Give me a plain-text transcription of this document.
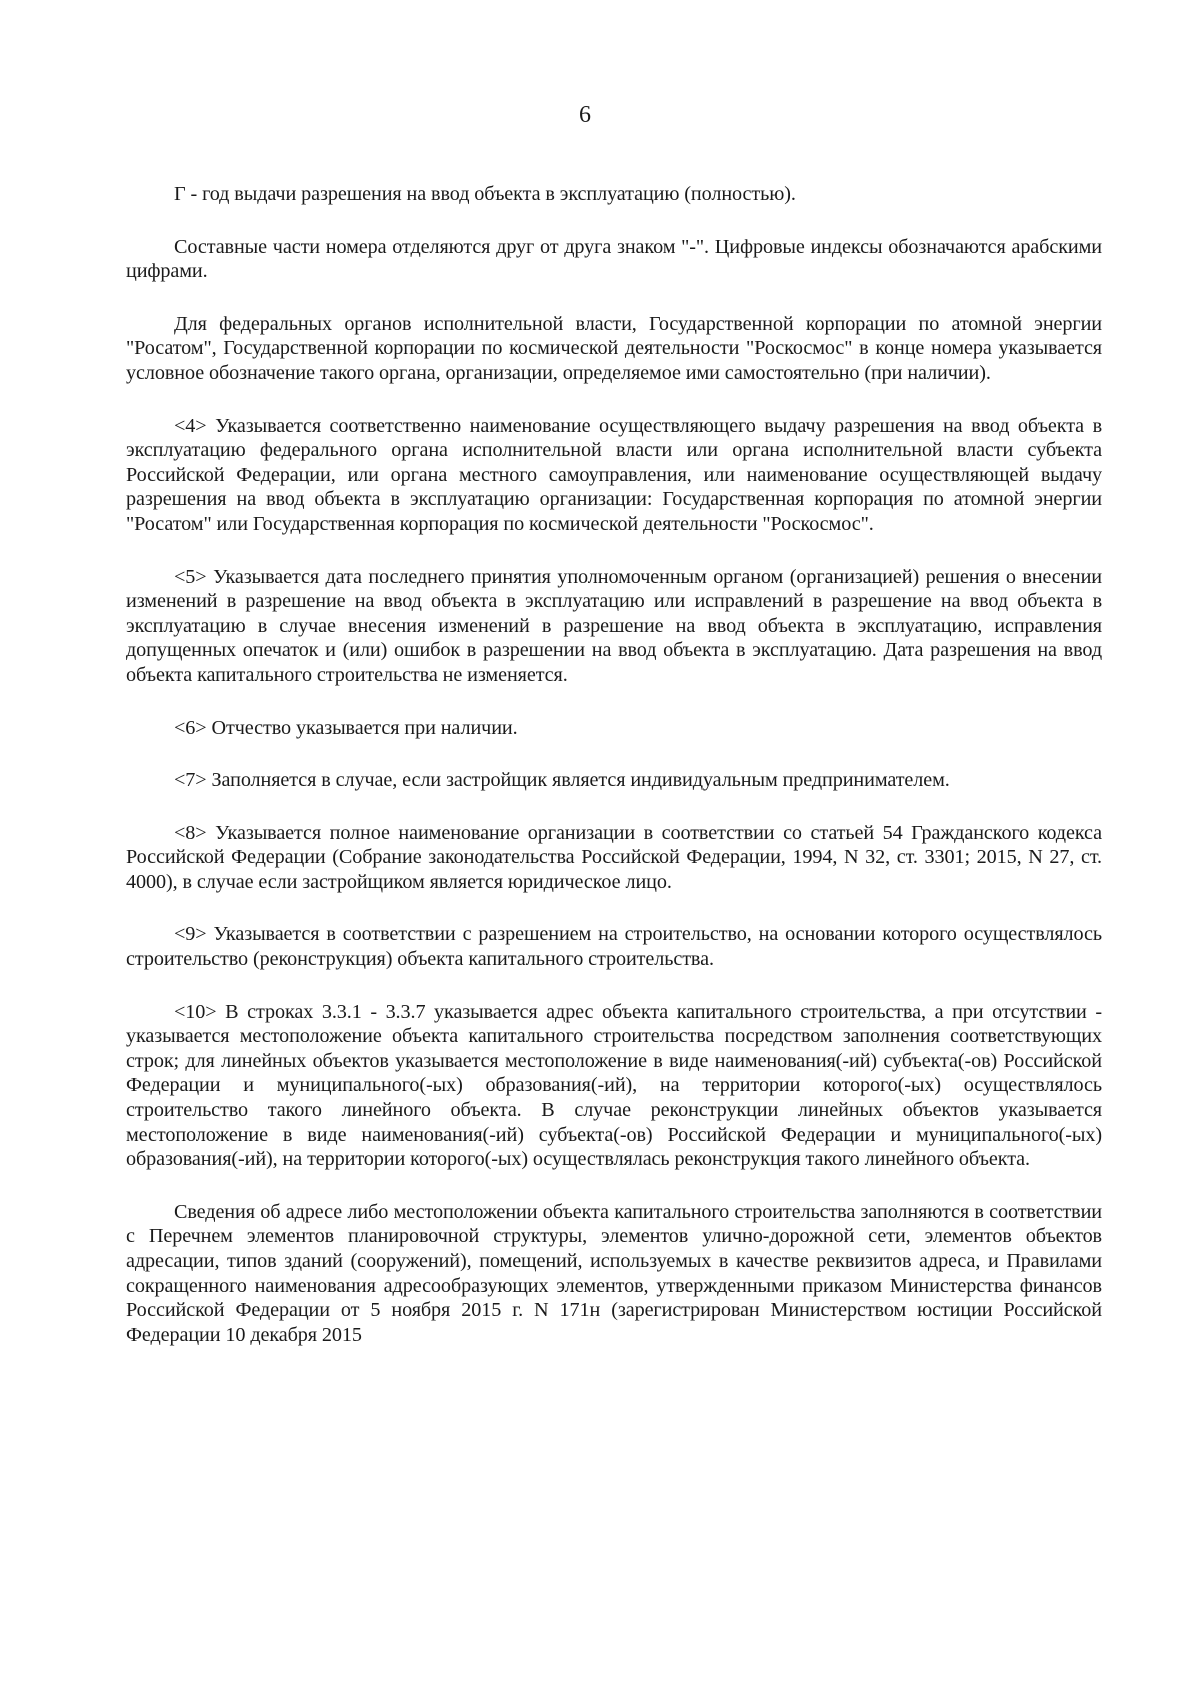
6

Г - год выдачи разрешения на ввод объекта в эксплуатацию (полностью).

Составные части номера отделяются друг от друга знаком "-". Цифровые индексы обозначаются арабскими цифрами.

Для федеральных органов исполнительной власти, Государственной корпорации по атомной энергии "Росатом", Государственной корпорации по космической деятельности "Роскосмос" в конце номера указывается условное обозначение такого органа, организации, определяемое ими самостоятельно (при наличии).

<4> Указывается соответственно наименование осуществляющего выдачу разрешения на ввод объекта в эксплуатацию федерального органа исполнительной власти или органа исполнительной власти субъекта Российской Федерации, или органа местного самоуправления, или наименование осуществляющей выдачу разрешения на ввод объекта в эксплуатацию организации: Государственная корпорация по атомной энергии "Росатом" или Государственная корпорация по космической деятельности "Роскосмос".

<5> Указывается дата последнего принятия уполномоченным органом (организацией) решения о внесении изменений в разрешение на ввод объекта в эксплуатацию или исправлений в разрешение на ввод объекта в эксплуатацию в случае внесения изменений в разрешение на ввод объекта в эксплуатацию, исправления допущенных опечаток и (или) ошибок в разрешении на ввод объекта в эксплуатацию. Дата разрешения на ввод объекта капитального строительства не изменяется.

<6> Отчество указывается при наличии.

<7> Заполняется в случае, если застройщик является индивидуальным предпринимателем.

<8> Указывается полное наименование организации в соответствии со статьей 54 Гражданского кодекса Российской Федерации (Собрание законодательства Российской Федерации, 1994, N 32, ст. 3301; 2015, N 27, ст. 4000), в случае если застройщиком является юридическое лицо.

<9> Указывается в соответствии с разрешением на строительство, на основании которого осуществлялось строительство (реконструкция) объекта капитального строительства.

<10> В строках 3.3.1 - 3.3.7 указывается адрес объекта капитального строительства, а при отсутствии - указывается местоположение объекта капитального строительства посредством заполнения соответствующих строк; для линейных объектов указывается местоположение в виде наименования(-ий) субъекта(-ов) Российской Федерации и муниципального(-ых) образования(-ий), на территории которого(-ых) осуществлялось строительство такого линейного объекта. В случае реконструкции линейных объектов указывается местоположение в виде наименования(-ий) субъекта(-ов) Российской Федерации и муниципального(-ых) образования(-ий), на территории которого(-ых) осуществлялась реконструкция такого линейного объекта.

Сведения об адресе либо местоположении объекта капитального строительства заполняются в соответствии с Перечнем элементов планировочной структуры, элементов улично-дорожной сети, элементов объектов адресации, типов зданий (сооружений), помещений, используемых в качестве реквизитов адреса, и Правилами сокращенного наименования адресообразующих элементов, утвержденными приказом Министерства финансов Российской Федерации от 5 ноября 2015 г. N 171н (зарегистрирован Министерством юстиции Российской Федерации 10 декабря 2015
